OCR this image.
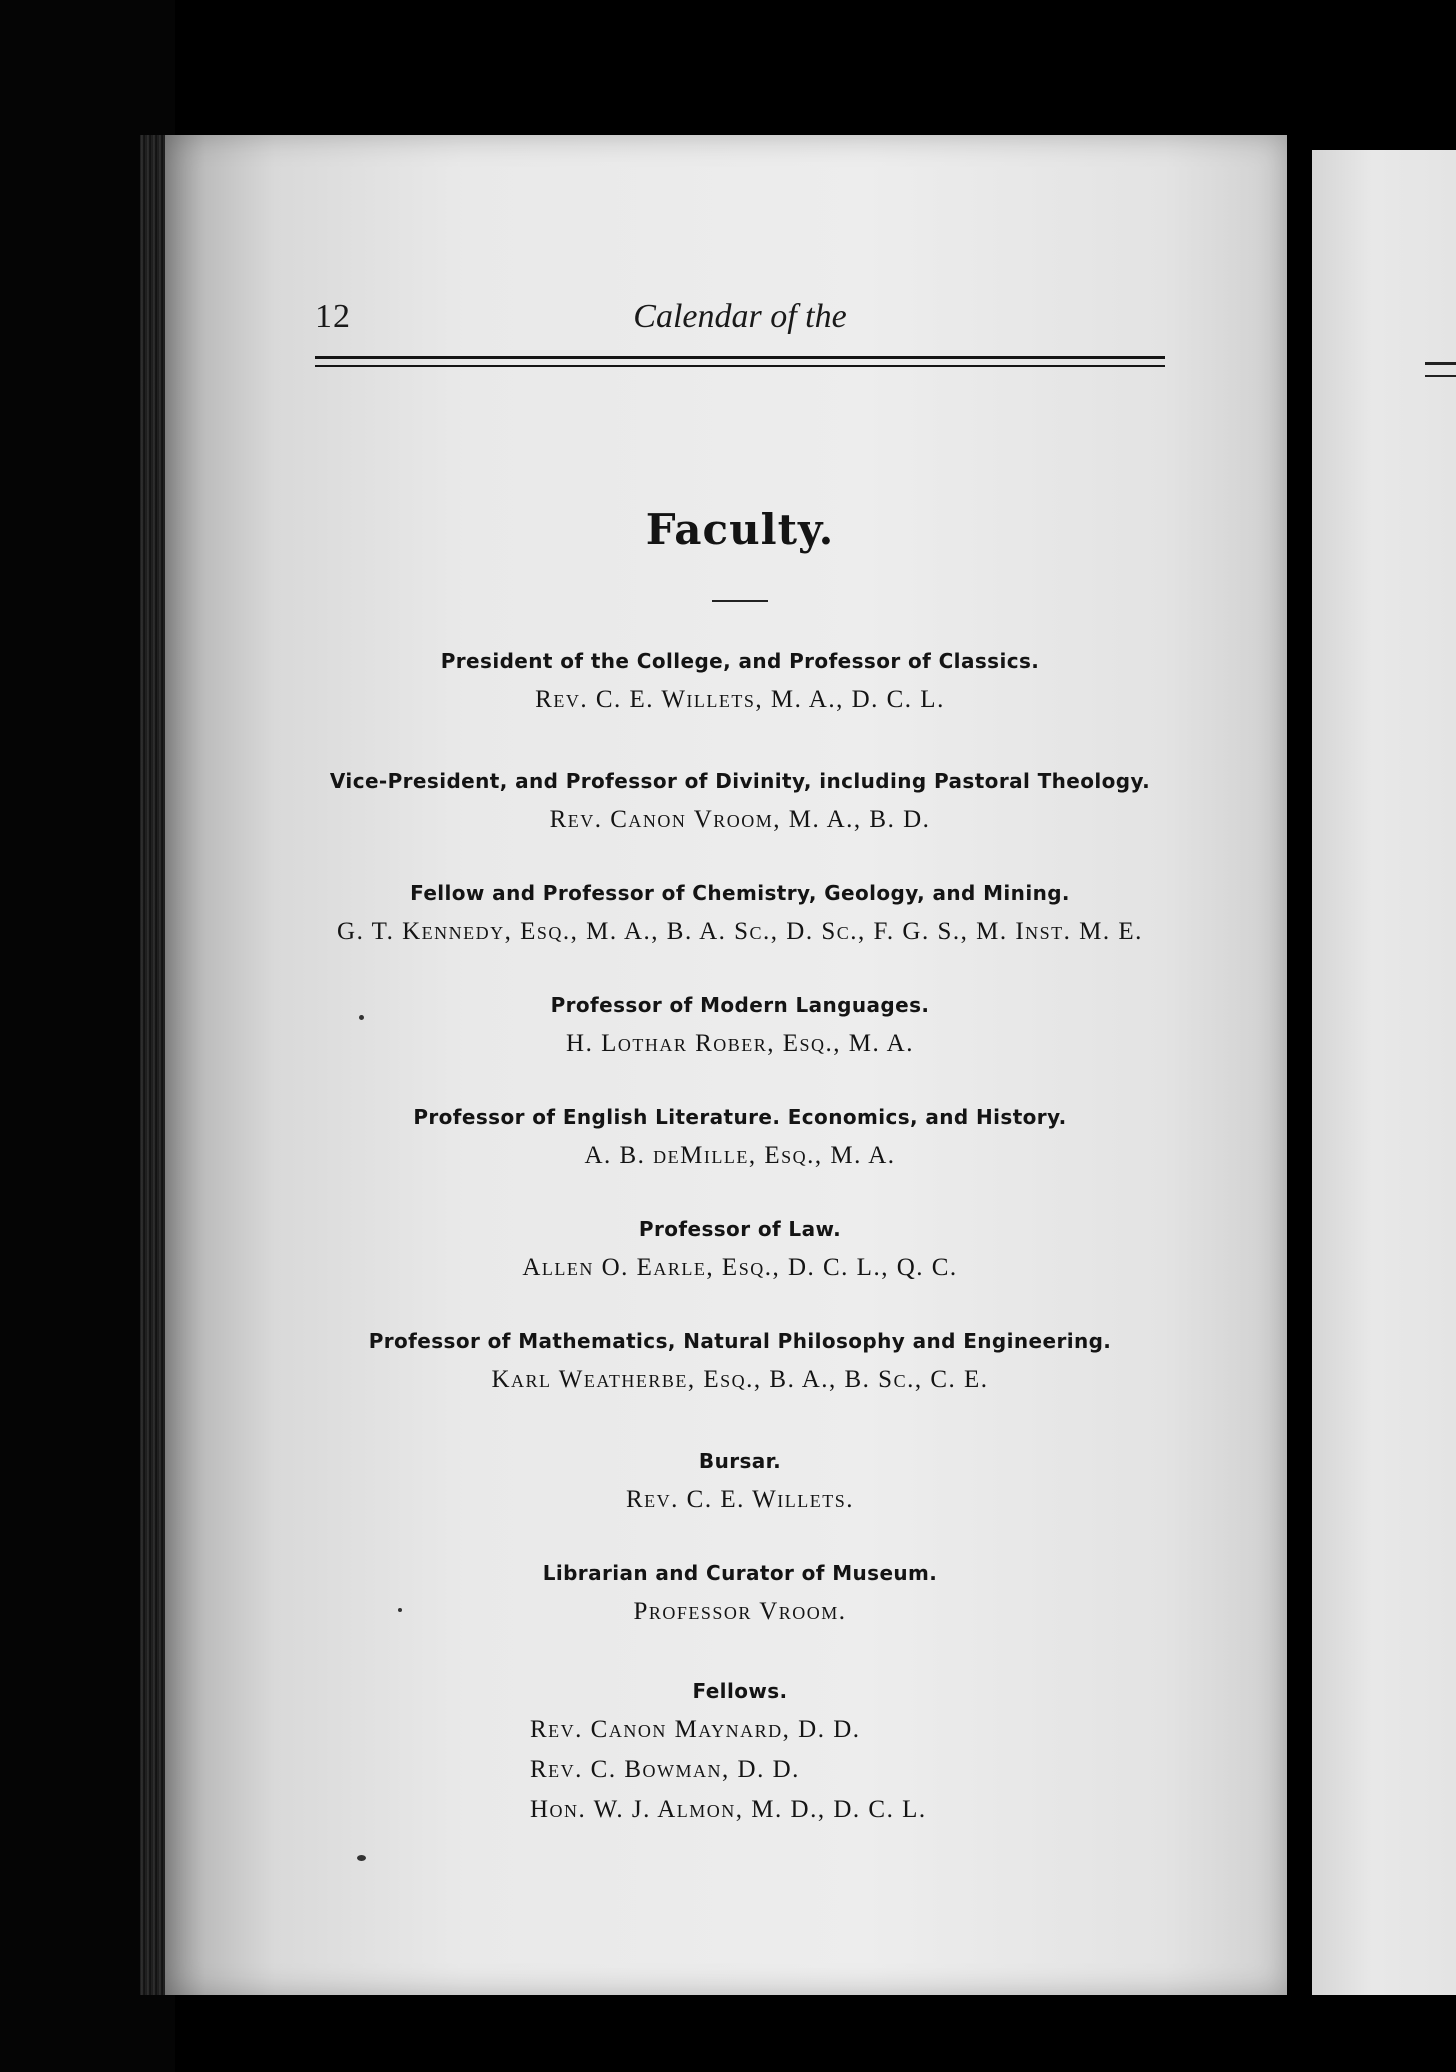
12	Calendar of the
Faculty.
President of the College, and Professor of Classics.
Rev. C. E. Willets, M. A., D. C. L.
Vice-President, and Professor of Divinity, including Pastoral Theology.
Rev. Canon Vroom, M. A., B. D.
Fellow and Professor of Chemistry, Geology, and Mining.
G. T. Kennedy, Esq., M. A., B. A. Sc., D. Sc., F. G. S., M. Inst. M. E.
Professor of Modern Languages.
H. Lothar Rober, Esq., M. A.
Professor of English Literature. Economics, and History.
A. B. deMille, Esq., M. A.
Professor of Law.
Allen O. Earle, Esq., D. C. L., Q. C.
Professor of Mathematics, Natural Philosophy and Engineering.
Karl Weatherbe, Esq., B. A., B. Sc., C. E.
Bursar.
Rev. C. E. Willets.
Librarian and Curator of Museum.
Professor Vroom.
Fellows.
Rev. Canon Maynard, D. D.
Rev. C. Bowman, D. D.
Hon. W. J. Almon, M. D., D. C. L.
